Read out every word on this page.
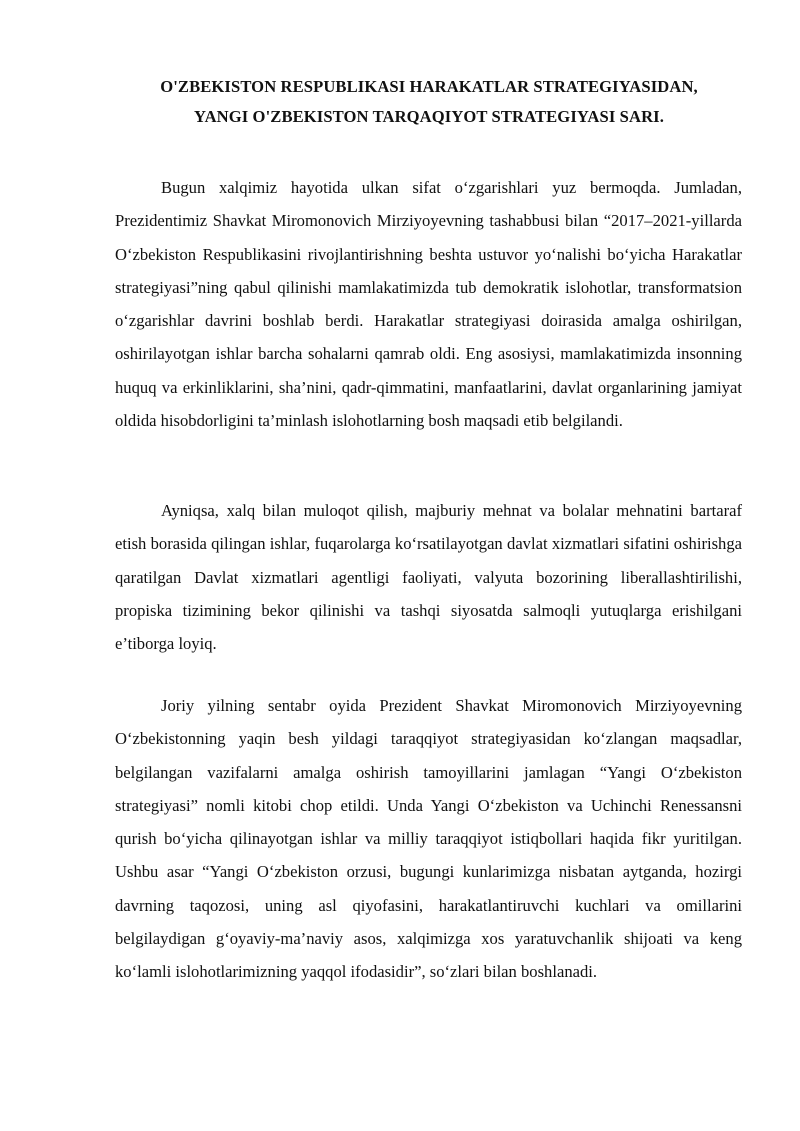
O'ZBEKISTON RESPUBLIKASI HARAKATLAR STRATEGIYASIDAN,
YANGI O'ZBEKISTON TARQAQIYOT STRATEGIYASI SARI.

Bugun xalqimiz hayotida ulkan sifat o‘zgarishlari yuz bermoqda. Jumladan, Prezidentimiz Shavkat Miromonovich Mirziyoyevning tashabbusi bilan “2017–2021-yillarda O‘zbekiston Respublikasini rivojlantirishning beshta ustuvor yo‘nalishi bo‘yicha Harakatlar strategiyasi”ning qabul qilinishi mamlakatimizda tub demokratik islohotlar, transformatsion o‘zgarishlar davrini boshlab berdi. Harakatlar strategiyasi doirasida amalga oshirilgan, oshirilayotgan ishlar barcha sohalarni qamrab oldi. Eng asosiysi, mamlakatimizda insonning huquq va erkinliklarini, sha’nini, qadr-qimmatini, manfaatlarini, davlat organlarining jamiyat oldida hisobdorligini ta’minlash islohotlarning bosh maqsadi etib belgilandi.

Ayniqsa, xalq bilan muloqot qilish, majburiy mehnat va bolalar mehnatini bartaraf etish borasida qilingan ishlar, fuqarolarga ko‘rsatilayotgan davlat xizmatlari sifatini oshirishga qaratilgan Davlat xizmatlari agentligi faoliyati, valyuta bozorining liberallashtirilishi, propiska tizimining bekor qilinishi va tashqi siyosatda salmoqli yutuqlarga erishilgani e’tiborga loyiq.

Joriy yilning sentabr oyida Prezident Shavkat Miromonovich Mirziyoyevning O‘zbekistonning yaqin besh yildagi taraqqiyot strategiyasidan ko‘zlangan maqsadlar, belgilangan vazifalarni amalga oshirish tamoyillarini jamlagan “Yangi O‘zbekiston strategiyasi” nomli kitobi chop etildi. Unda Yangi O‘zbekiston va Uchinchi Renessansni qurish bo‘yicha qilinayotgan ishlar va milliy taraqqiyot istiqbollari haqida fikr yuritilgan. Ushbu asar “Yangi O‘zbekiston orzusi, bugungi kunlarimizga nisbatan aytganda, hozirgi davrning taqozosi, uning asl qiyofasini, harakatlantiruvchi kuchlari va omillarini belgilaydigan g‘oyaviy-ma’naviy asos, xalqimizga xos yaratuvchanlik shijoati va keng ko‘lamli islohotlarimizning yaqqol ifodasidir”, so‘zlari bilan boshlanadi.
